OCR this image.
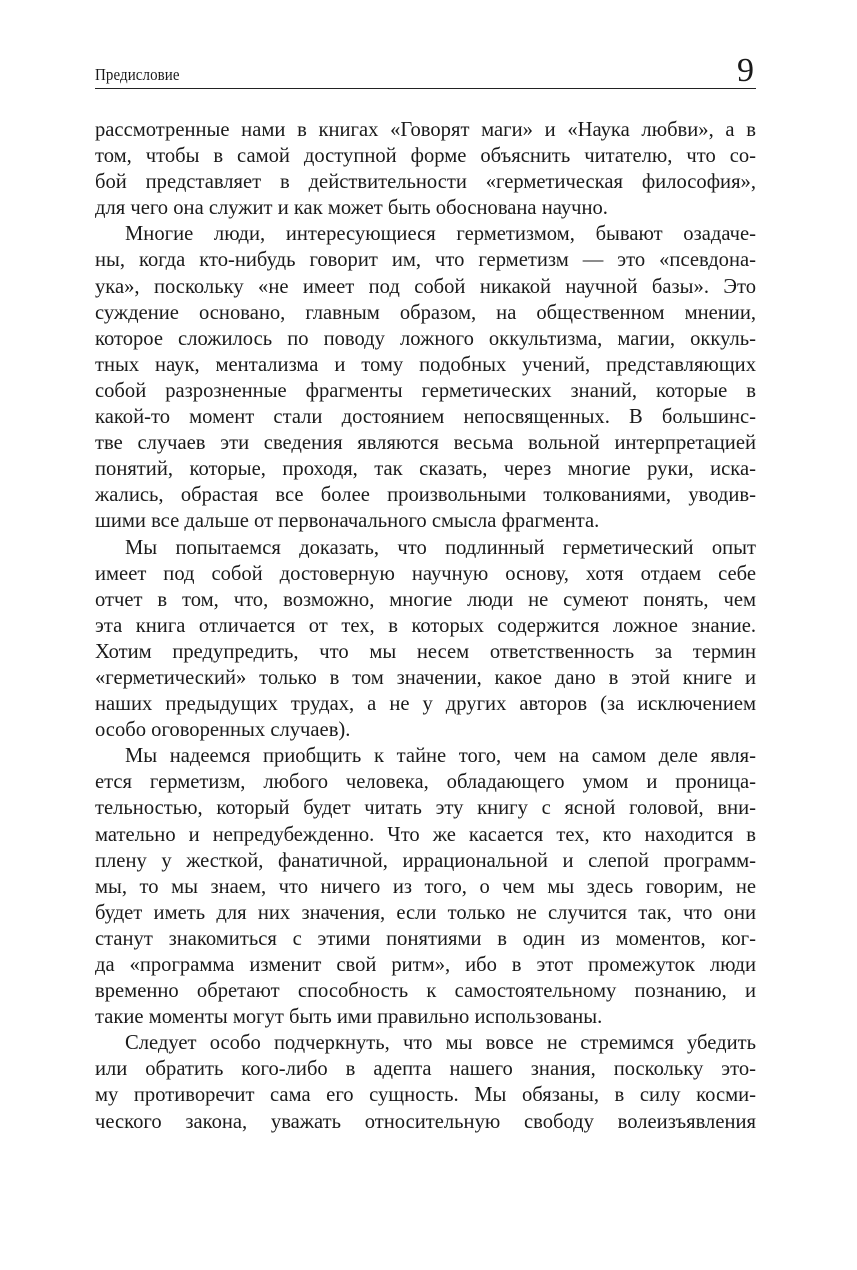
Предисловие	9
рассмотренные нами в книгах «Говорят маги» и «Наука любви», а в
том, чтобы в самой доступной форме объяснить читателю, что со-
бой представляет в действительности «герметическая философия»,
для чего она служит и как может быть обоснована научно.
Многие люди, интересующиеся герметизмом, бывают озадаче-
ны, когда кто-нибудь говорит им, что герметизм — это «псевдона-
ука», поскольку «не имеет под собой никакой научной базы». Это
суждение основано, главным образом, на общественном мнении,
которое сложилось по поводу ложного оккультизма, магии, оккуль-
тных наук, ментализма и тому подобных учений, представляющих
собой разрозненные фрагменты герметических знаний, которые в
какой-то момент стали достоянием непосвященных. В большинс-
тве случаев эти сведения являются весьма вольной интерпретацией
понятий, которые, проходя, так сказать, через многие руки, иска-
жались, обрастая все более произвольными толкованиями, уводив-
шими все дальше от первоначального смысла фрагмента.
Мы попытаемся доказать, что подлинный герметический опыт
имеет под собой достоверную научную основу, хотя отдаем себе
отчет в том, что, возможно, многие люди не сумеют понять, чем
эта книга отличается от тех, в которых содержится ложное знание.
Хотим предупредить, что мы несем ответственность за термин
«герметический» только в том значении, какое дано в этой книге и
наших предыдущих трудах, а не у других авторов (за исключением
особо оговоренных случаев).
Мы надеемся приобщить к тайне того, чем на самом деле явля-
ется герметизм, любого человека, обладающего умом и проница-
тельностью, который будет читать эту книгу с ясной головой, вни-
мательно и непредубежденно. Что же касается тех, кто находится в
плену у жесткой, фанатичной, иррациональной и слепой программ-
мы, то мы знаем, что ничего из того, о чем мы здесь говорим, не
будет иметь для них значения, если только не случится так, что они
станут знакомиться с этими понятиями в один из моментов, ког-
да «программа изменит свой ритм», ибо в этот промежуток люди
временно обретают способность к самостоятельному познанию, и
такие моменты могут быть ими правильно использованы.
Следует особо подчеркнуть, что мы вовсе не стремимся убедить
или обратить кого-либо в адепта нашего знания, поскольку это-
му противоречит сама его сущность. Мы обязаны, в силу косми-
ческого закона, уважать относительную свободу волеизъявления
